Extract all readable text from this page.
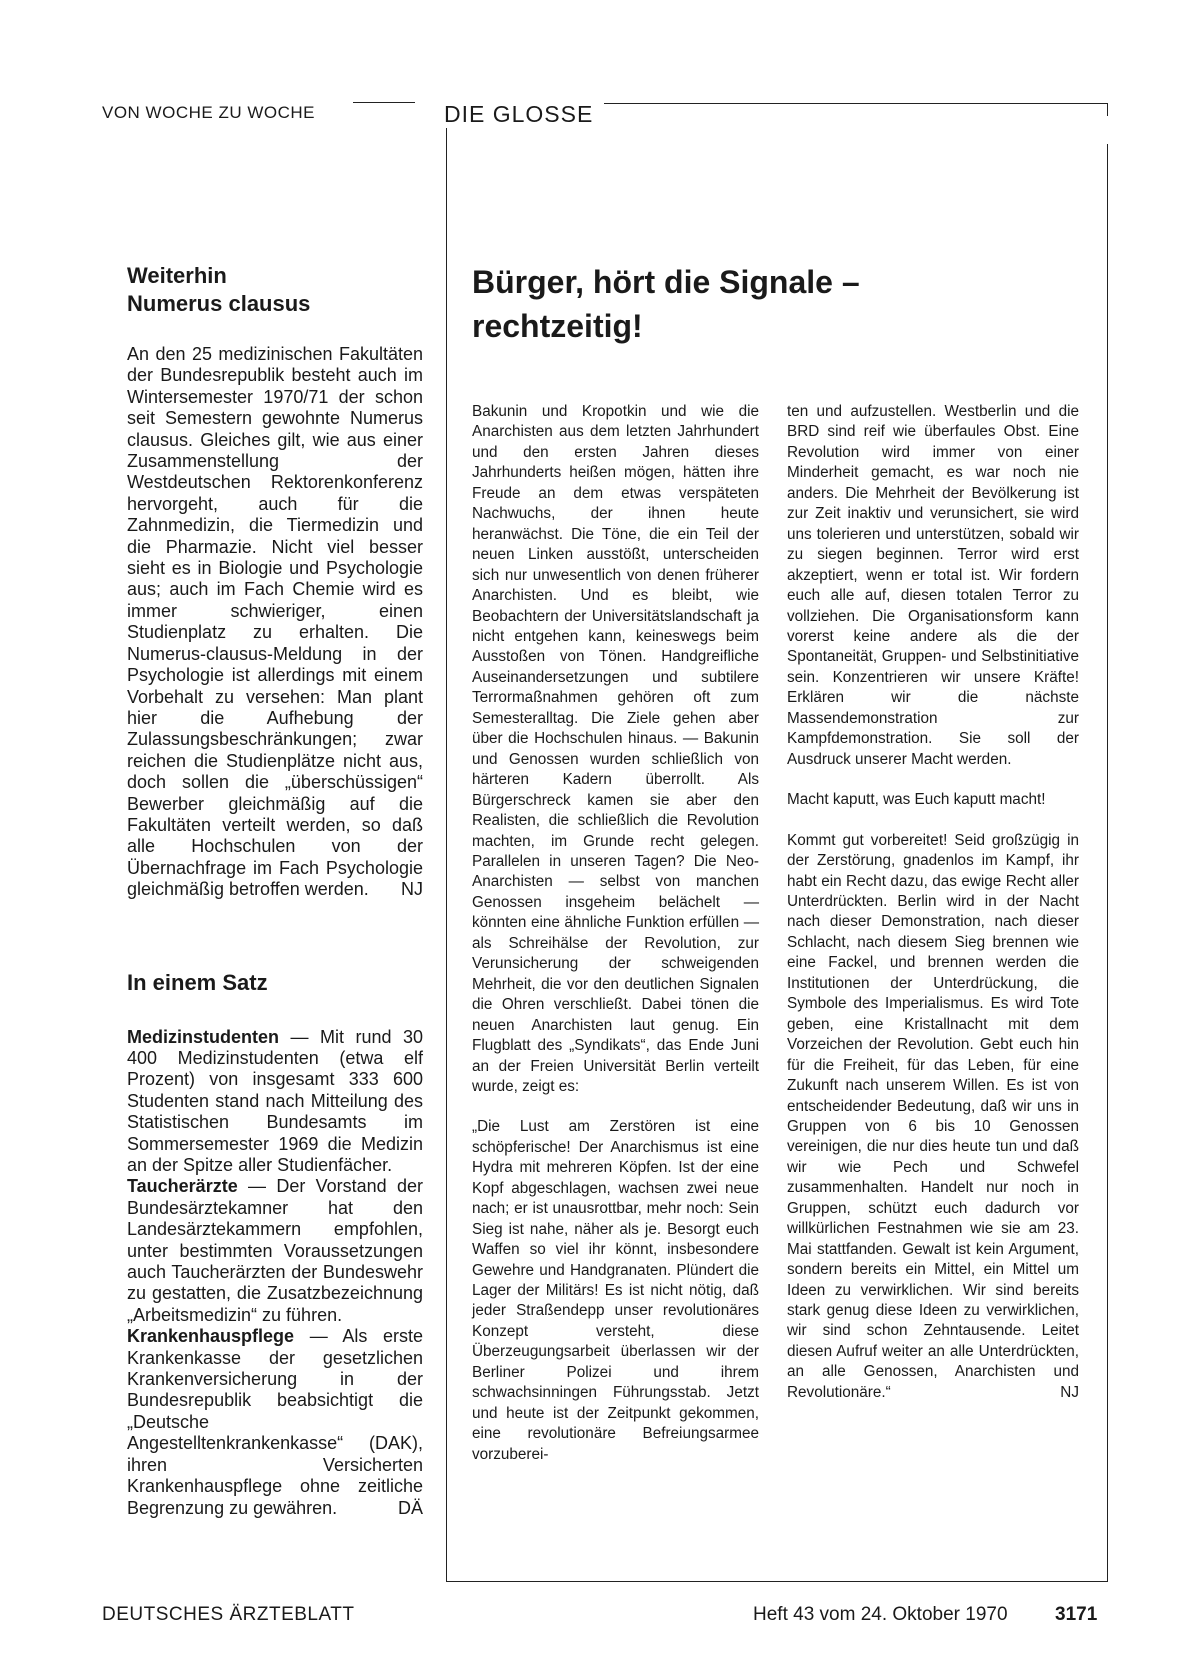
VON WOCHE ZU WOCHE	DIE GLOSSE
Weiterhin
Numerus clausus

An den 25 medizinischen Fakultäten der Bundesrepublik besteht auch im Wintersemester 1970/71 der schon seit Semestern gewohnte Numerus clausus. Gleiches gilt, wie aus einer Zusammenstellung der Westdeutschen Rektorenkonferenz hervorgeht, auch für die Zahnmedizin, die Tiermedizin und die Pharmazie. Nicht viel besser sieht es in Biologie und Psychologie aus; auch im Fach Chemie wird es immer schwieriger, einen Studienplatz zu erhalten. Die Numerus-clausus-Meldung in der Psychologie ist allerdings mit einem Vorbehalt zu versehen: Man plant hier die Aufhebung der Zulassungsbeschränkungen; zwar reichen die Studienplätze nicht aus, doch sollen die „überschüssigen“ Bewerber gleichmäßig auf die Fakultäten verteilt werden, so daß alle Hochschulen von der Übernachfrage im Fach Psychologie gleichmäßig betroffen werden. NJ

In einem Satz

Medizinstudenten — Mit rund 30 400 Medizinstudenten (etwa elf Prozent) von insgesamt 333 600 Studenten stand nach Mitteilung des Statistischen Bundesamts im Sommersemester 1969 die Medizin an der Spitze aller Studienfächer.

Taucherärzte — Der Vorstand der Bundesärztekamner hat den Landesärztekammern empfohlen, unter bestimmten Voraussetzungen auch Taucherärzten der Bundeswehr zu gestatten, die Zusatzbezeichnung „Arbeitsmedizin“ zu führen.

Krankenhauspflege — Als erste Krankenkasse der gesetzlichen Krankenversicherung in der Bundesrepublik beabsichtigt die „Deutsche Angestelltenkrankenkasse“ (DAK), ihren Versicherten Krankenhauspflege ohne zeitliche Begrenzung zu gewähren.	DÄ

Bürger, hört die Signale –
rechtzeitig!

Bakunin und Kropotkin und wie die Anarchisten aus dem letzten Jahrhundert und den ersten Jahren dieses Jahrhunderts heißen mögen, hätten ihre Freude an dem etwas verspäteten Nachwuchs, der ihnen heute heranwächst. Die Töne, die ein Teil der neuen Linken ausstößt, unterscheiden sich nur unwesentlich von denen früherer Anarchisten. Und es bleibt, wie Beobachtern der Universitätslandschaft ja nicht entgehen kann, keineswegs beim Ausstoßen von Tönen. Handgreifliche Auseinandersetzungen und subtilere Terrormaßnahmen gehören oft zum Semesteralltag. Die Ziele gehen aber über die Hochschulen hinaus. — Bakunin und Genossen wurden schließlich von härteren Kadern überrollt. Als Bürgerschreck kamen sie aber den Realisten, die schließlich die Revolution machten, im Grunde recht gelegen. Parallelen in unseren Tagen? Die Neo-Anarchisten — selbst von manchen Genossen insgeheim belächelt — könnten eine ähnliche Funktion erfüllen — als Schreihälse der Revolution, zur Verunsicherung der schweigenden Mehrheit, die vor den deutlichen Signalen die Ohren verschließt. Dabei tönen die neuen Anarchisten laut genug. Ein Flugblatt des „Syndikats“, das Ende Juni an der Freien Universität Berlin verteilt wurde, zeigt es:

„Die Lust am Zerstören ist eine schöpferische! Der Anarchismus ist eine Hydra mit mehreren Köpfen. Ist der eine Kopf abgeschlagen, wachsen zwei neue nach; er ist unausrottbar, mehr noch: Sein Sieg ist nahe, näher als je. Besorgt euch Waffen so viel ihr könnt, insbesondere Gewehre und Handgranaten. Plündert die Lager der Militärs! Es ist nicht nötig, daß jeder Straßendepp unser revolutionäres Konzept versteht, diese Überzeugungsarbeit überlassen wir der Berliner Polizei und ihrem schwachsinningen Führungsstab. Jetzt und heute ist der Zeitpunkt gekommen, eine revolutionäre Befreiungsarmee vorzuberei-

ten und aufzustellen. Westberlin und die BRD sind reif wie überfaules Obst. Eine Revolution wird immer von einer Minderheit gemacht, es war noch nie anders. Die Mehrheit der Bevölkerung ist zur Zeit inaktiv und verunsichert, sie wird uns tolerieren und unterstützen, sobald wir zu siegen beginnen. Terror wird erst akzeptiert, wenn er total ist. Wir fordern euch alle auf, diesen totalen Terror zu vollziehen. Die Organisationsform kann vorerst keine andere als die der Spontaneität, Gruppen- und Selbstinitiative sein. Konzentrieren wir unsere Kräfte! Erklären wir die nächste Massendemonstration zur Kampfdemonstration. Sie soll der Ausdruck unserer Macht werden.

Macht kaputt, was Euch kaputt macht!

Kommt gut vorbereitet! Seid großzügig in der Zerstörung, gnadenlos im Kampf, ihr habt ein Recht dazu, das ewige Recht aller Unterdrückten. Berlin wird in der Nacht nach dieser Demonstration, nach dieser Schlacht, nach diesem Sieg brennen wie eine Fackel, und brennen werden die Institutionen der Unterdrückung, die Symbole des Imperialismus. Es wird Tote geben, eine Kristallnacht mit dem Vorzeichen der Revolution. Gebt euch hin für die Freiheit, für das Leben, für eine Zukunft nach unserem Willen. Es ist von entscheidender Bedeutung, daß wir uns in Gruppen von 6 bis 10 Genossen vereinigen, die nur dies heute tun und daß wir wie Pech und Schwefel zusammenhalten. Handelt nur noch in Gruppen, schützt euch dadurch vor willkürlichen Festnahmen wie sie am 23. Mai stattfanden. Gewalt ist kein Argument, sondern bereits ein Mittel, ein Mittel um Ideen zu verwirklichen. Wir sind bereits stark genug diese Ideen zu verwirklichen, wir sind schon Zehntausende. Leitet diesen Aufruf weiter an alle Unterdrückten, an alle Genossen, Anarchisten und Revolutionäre.“	NJ

DEUTSCHES ÄRZTEBLATT	Heft 43 vom 24. Oktober 1970 3171
